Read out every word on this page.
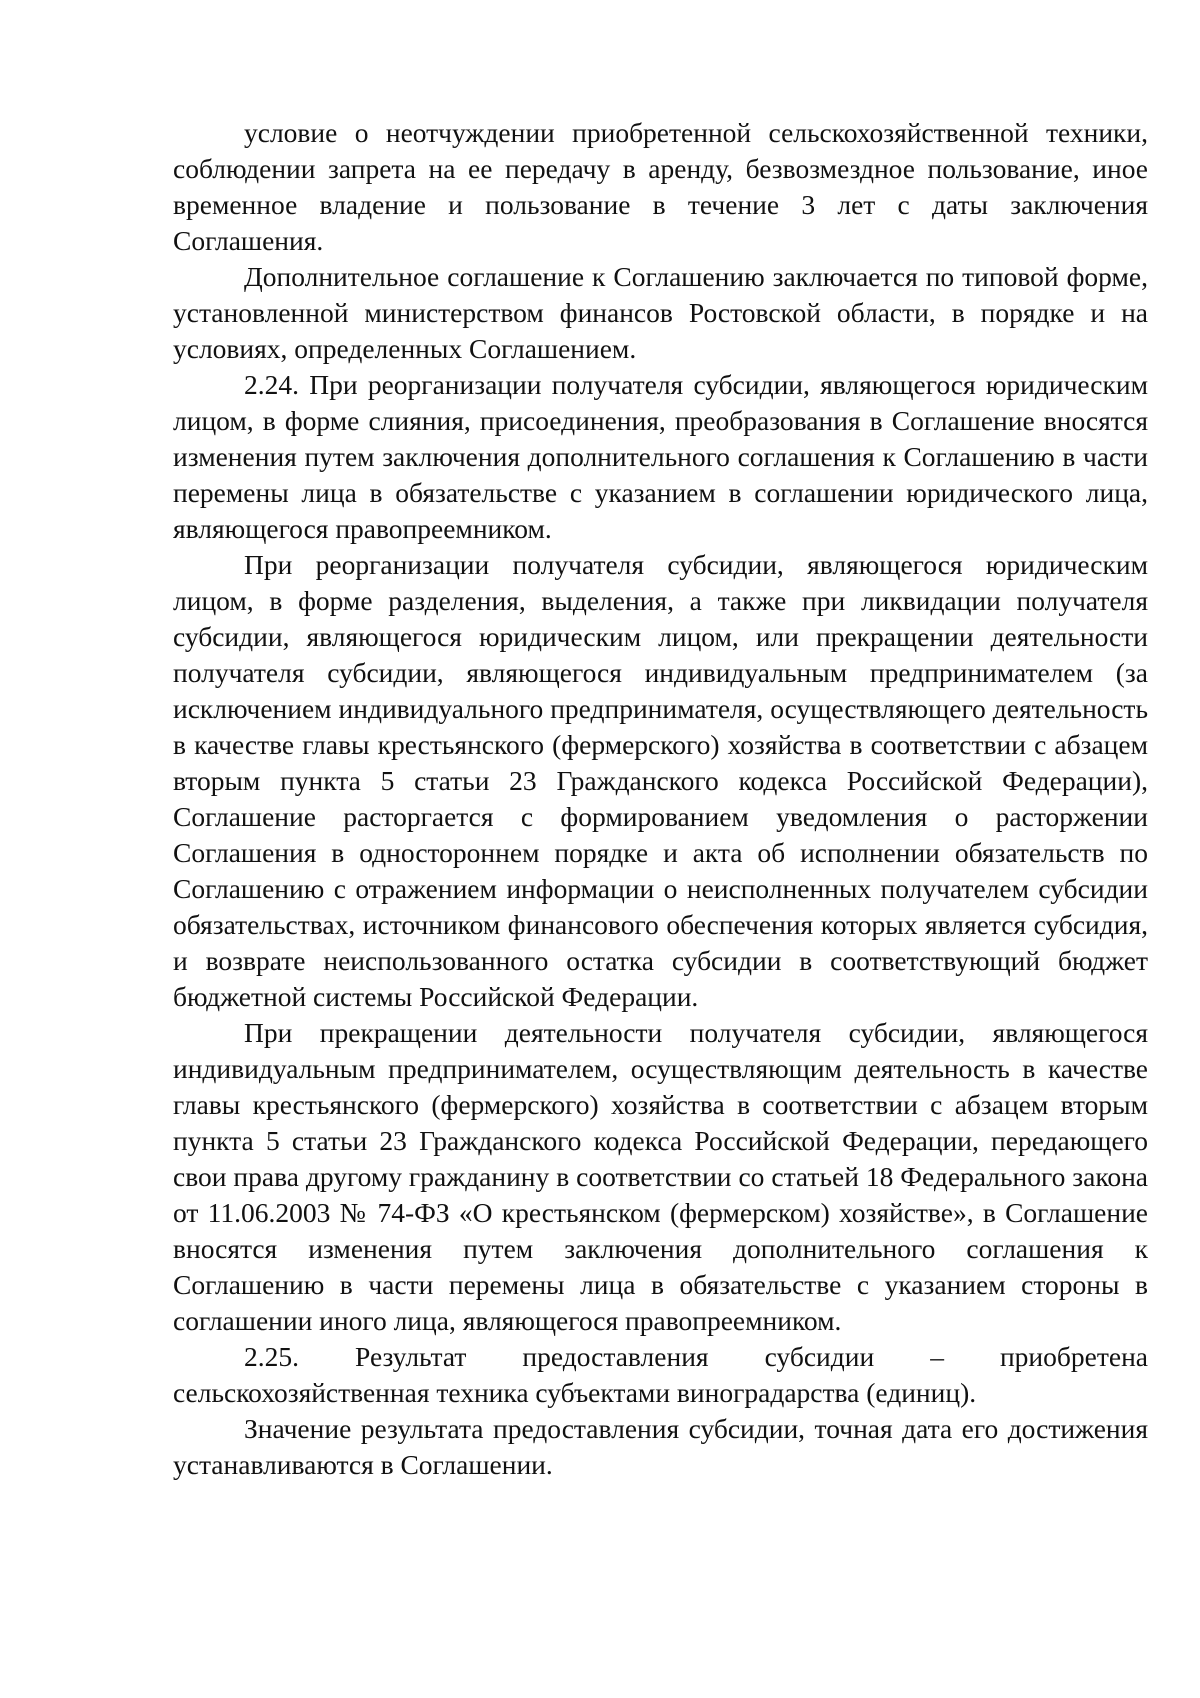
условие о неотчуждении приобретенной сельскохозяйственной техники, соблюдении запрета на ее передачу в аренду, безвозмездное пользование, иное временное владение и пользование в течение 3 лет с даты заключения Соглашения.

Дополнительное соглашение к Соглашению заключается по типовой форме, установленной министерством финансов Ростовской области, в порядке и на условиях, определенных Соглашением.

2.24. При реорганизации получателя субсидии, являющегося юридическим лицом, в форме слияния, присоединения, преобразования в Соглашение вносятся изменения путем заключения дополнительного соглашения к Соглашению в части перемены лица в обязательстве с указанием в соглашении юридического лица, являющегося правопреемником.

При реорганизации получателя субсидии, являющегося юридическим лицом, в форме разделения, выделения, а также при ликвидации получателя субсидии, являющегося юридическим лицом, или прекращении деятельности получателя субсидии, являющегося индивидуальным предпринимателем (за исключением индивидуального предпринимателя, осуществляющего деятельность в качестве главы крестьянского (фермерского) хозяйства в соответствии с абзацем вторым пункта 5 статьи 23 Гражданского кодекса Российской Федерации), Соглашение расторгается с формированием уведомления о расторжении Соглашения в одностороннем порядке и акта об исполнении обязательств по Соглашению с отражением информации о неисполненных получателем субсидии обязательствах, источником финансового обеспечения которых является субсидия, и возврате неиспользованного остатка субсидии в соответствующий бюджет бюджетной системы Российской Федерации.

При прекращении деятельности получателя субсидии, являющегося индивидуальным предпринимателем, осуществляющим деятельность в качестве главы крестьянского (фермерского) хозяйства в соответствии с абзацем вторым пункта 5 статьи 23 Гражданского кодекса Российской Федерации, передающего свои права другому гражданину в соответствии со статьей 18 Федерального закона от 11.06.2003 № 74-ФЗ «О крестьянском (фермерском) хозяйстве», в Соглашение вносятся изменения путем заключения дополнительного соглашения к Соглашению в части перемены лица в обязательстве с указанием стороны в соглашении иного лица, являющегося правопреемником.

2.25. Результат предоставления субсидии – приобретена сельскохозяйственная техника субъектами виноградарства (единиц).

Значение результата предоставления субсидии, точная дата его достижения устанавливаются в Соглашении.
